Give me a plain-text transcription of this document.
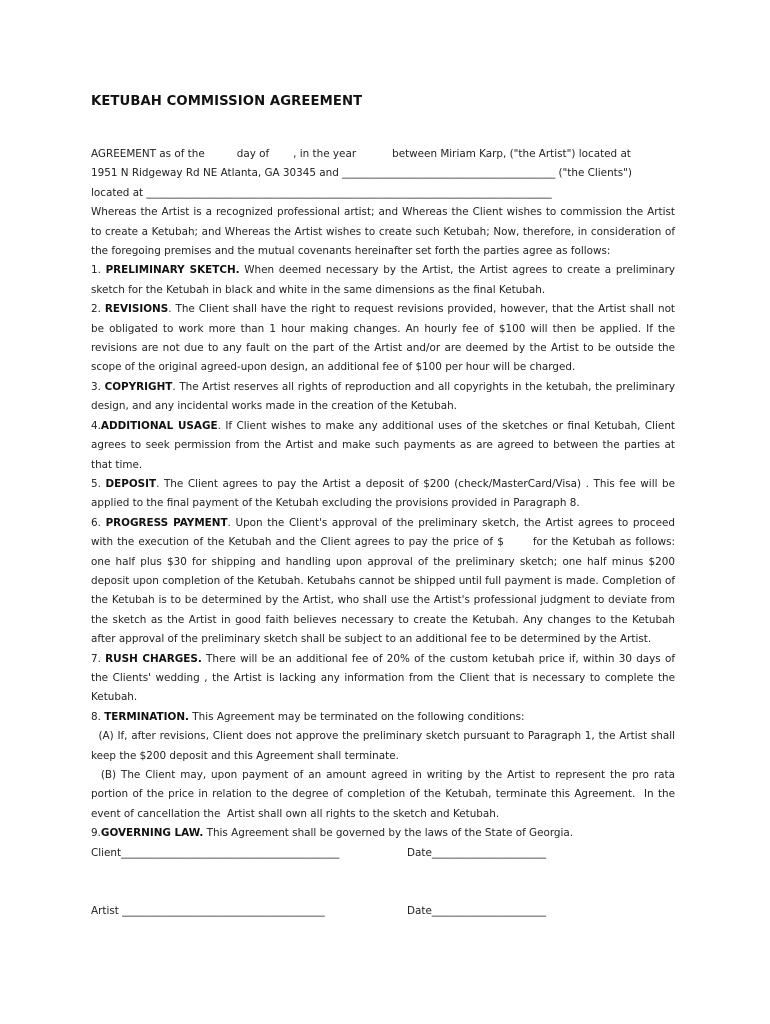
KETUBAH COMMISSION AGREEMENT
AGREEMENT as of the	day of , in the year	between Miriam Karp, ("the Artist") located at
1951 N Ridgeway Rd NE Atlanta, GA 30345 and _________________________________________ ("the Clients")
located at ______________________________________________________________________________
Whereas the Artist is a recognized professional artist; and Whereas the Client wishes to commission the Artist to create a Ketubah; and Whereas the Artist wishes to create such Ketubah; Now, therefore, in consideration of the foregoing premises and the mutual covenants hereinafter set forth the parties agree as follows:
1. PRELIMINARY SKETCH. When deemed necessary by the Artist, the Artist agrees to create a preliminary sketch for the Ketubah in black and white in the same dimensions as the final Ketubah.
2. REVISIONS. The Client shall have the right to request revisions provided, however, that the Artist shall not be obligated to work more than 1 hour making changes. An hourly fee of $100 will then be applied. If the revisions are not due to any fault on the part of the Artist and/or are deemed by the Artist to be outside the scope of the original agreed-upon design, an additional fee of $100 per hour will be charged.
3. COPYRIGHT. The Artist reserves all rights of reproduction and all copyrights in the ketubah, the preliminary design, and any incidental works made in the creation of the Ketubah.
4.ADDITIONAL USAGE. If Client wishes to make any additional uses of the sketches or final Ketubah, Client agrees to seek permission from the Artist and make such payments as are agreed to between the parties at that time.
5. DEPOSIT. The Client agrees to pay the Artist a deposit of $200 (check/MasterCard/Visa) . This fee will be applied to the final payment of the Ketubah excluding the provisions provided in Paragraph 8.
6. PROGRESS PAYMENT. Upon the Client's approval of the preliminary sketch, the Artist agrees to proceed with the execution of the Ketubah and the Client agrees to pay the price of $       for the Ketubah as follows: one half plus $30 for shipping and handling upon approval of the preliminary sketch; one half minus $200 deposit upon completion of the Ketubah. Ketubahs cannot be shipped until full payment is made. Completion of the Ketubah is to be determined by the Artist, who shall use the Artist's professional judgment to deviate from the sketch as the Artist in good faith believes necessary to create the Ketubah. Any changes to the Ketubah after approval of the preliminary sketch shall be subject to an additional fee to be determined by the Artist.
7. RUSH CHARGES. There will be an additional fee of 20% of the custom ketubah price if, within 30 days of the Clients' wedding , the Artist is lacking any information from the Client that is necessary to complete the Ketubah.
8. TERMINATION. This Agreement may be terminated on the following conditions:
(A) If, after revisions, Client does not approve the preliminary sketch pursuant to Paragraph 1, the Artist shall keep the $200 deposit and this Agreement shall terminate.
(B) The Client may, upon payment of an amount agreed in writing by the Artist to represent the pro rata portion of the price in relation to the degree of completion of the Ketubah, terminate this Agreement.  In the event of cancellation the  Artist shall own all rights to the sketch and Ketubah.
9.GOVERNING LAW. This Agreement shall be governed by the laws of the State of Georgia.
Client__________________________________________	Date______________________
Artist _______________________________________	Date______________________
